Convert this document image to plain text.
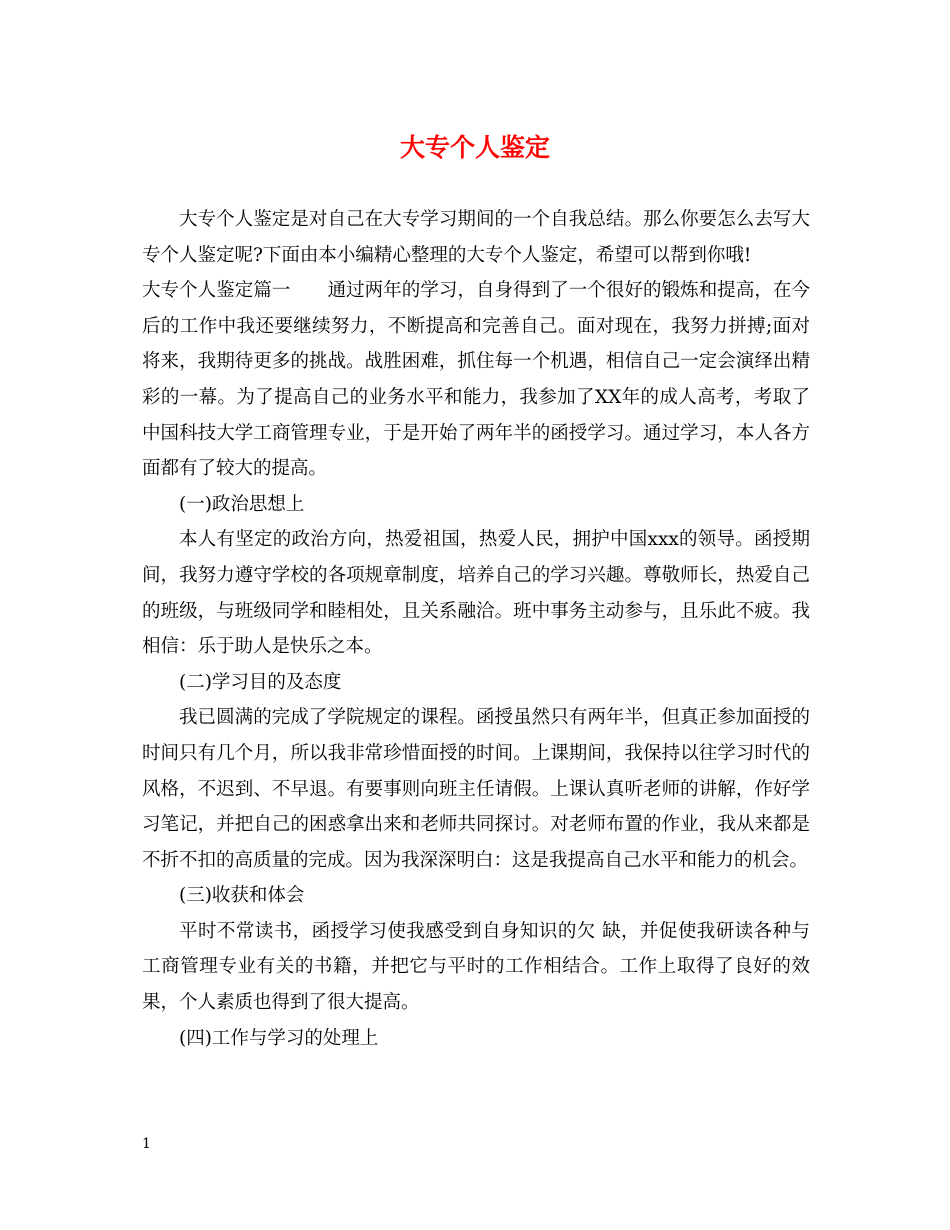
大专个人鉴定

大专个人鉴定是对自己在大专学习期间的一个自我总结。那么你要怎么去写大专个人鉴定呢?下面由本小编精心整理的大专个人鉴定，希望可以帮到你哦!

大专个人鉴定篇一　　通过两年的学习，自身得到了一个很好的锻炼和提高，在今后的工作中我还要继续努力，不断提高和完善自己。面对现在，我努力拼搏;面对将来，我期待更多的挑战。战胜困难，抓住每一个机遇，相信自己一定会演绎出精彩的一幕。为了提高自己的业务水平和能力，我参加了XX年的成人高考，考取了中国科技大学工商管理专业，于是开始了两年半的函授学习。通过学习，本人各方面都有了较大的提高。

(一)政治思想上

本人有坚定的政治方向，热爱祖国，热爱人民，拥护中国xxx的领导。函授期间，我努力遵守学校的各项规章制度，培养自己的学习兴趣。尊敬师长，热爱自己的班级，与班级同学和睦相处，且关系融洽。班中事务主动参与，且乐此不疲。我相信：乐于助人是快乐之本。

(二)学习目的及态度

我已圆满的完成了学院规定的课程。函授虽然只有两年半，但真正参加面授的时间只有几个月，所以我非常珍惜面授的时间。上课期间，我保持以往学习时代的风格，不迟到、不早退。有要事则向班主任请假。上课认真听老师的讲解，作好学习笔记，并把自己的困惑拿出来和老师共同探讨。对老师布置的作业，我从来都是不折不扣的高质量的完成。因为我深深明白：这是我提高自己水平和能力的机会。

(三)收获和体会

平时不常读书，函授学习使我感受到自身知识的欠 缺，并促使我研读各种与工商管理专业有关的书籍，并把它与平时的工作相结合。工作上取得了良好的效果，个人素质也得到了很大提高。

(四)工作与学习的处理上

1
